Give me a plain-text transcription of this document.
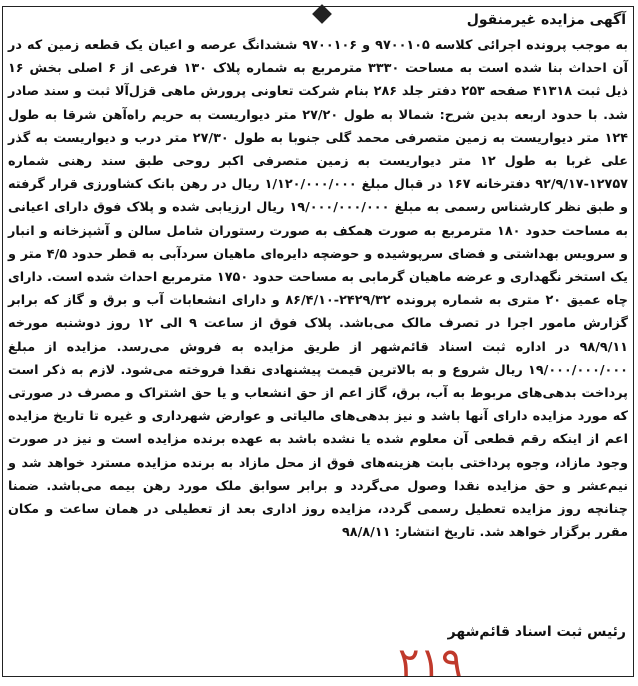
آگهی مزایده غیرمنقول
به موجب پرونده اجرائی کلاسه ۹۷۰۰۱۰۵ و ۹۷۰۰۱۰۶ ششدانگ عرصه و اعیان یک قطعه زمین که در آن احداث بنا شده است به مساحت ۳۳۳۰ مترمربع به شماره پلاک ۱۳۰ فرعی از ۶ اصلی بخش ۱۶ ذیل ثبت ۴۱۳۱۸ صفحه ۲۵۳ دفتر جلد ۲۸۶ بنام شرکت تعاونی پرورش ماهی قزل‌آلا ثبت و سند صادر شد. با حدود اربعه بدین شرح: شمالا به طول ۲۷/۲۰ متر دیواریست به حریم راه‌آهن شرقا به طول ۱۲۴ متر دیواریست به زمین متصرفی محمد گلی جنوبا به طول ۲۷/۳۰ متر درب و دیواریست به گذر علی غربا به طول ۱۲ متر دیواریست به زمین متصرفی اکبر روحی طبق سند رهنی شماره ۱۲۷۵۷-۹۲/۹/۱۷ دفترخانه ۱۶۷ در قبال مبلغ ۱/۱۲۰/۰۰۰/۰۰۰ ریال در رهن بانک کشاورزی قرار گرفته و طبق نظر کارشناس رسمی به مبلغ ۱۹/۰۰۰/۰۰۰/۰۰۰ ریال ارزیابی شده و پلاک فوق دارای اعیانی به مساحت حدود ۱۸۰ مترمربع به صورت همکف به صورت رستوران شامل سالن و آشپزخانه و انبار و سرویس بهداشتی و فضای سرپوشیده و حوضچه دایره‌ای ماهیان سردآبی به قطر حدود ۴/۵ متر و یک استخر نگهداری و عرضه ماهیان گرمابی به مساحت حدود ۱۷۵۰ مترمربع احداث شده است. دارای چاه عمیق ۲۰ متری به شماره پرونده ۲۴۲۹/۳۲-۸۶/۴/۱۰ و دارای انشعابات آب و برق و گاز که برابر گزارش مامور اجرا در تصرف مالک می‌باشد. پلاک فوق از ساعت ۹ الی ۱۲ روز دوشنبه مورخه ۹۸/۹/۱۱ در اداره ثبت اسناد قائم‌شهر از طریق مزایده به فروش می‌رسد. مزایده از مبلغ ۱۹/۰۰۰/۰۰۰/۰۰۰ ریال شروع و به بالاترین قیمت پیشنهادی نقدا فروخته می‌شود. لازم به ذکر است پرداخت بدهی‌های مربوط به آب، برق، گاز اعم از حق انشعاب و یا حق اشتراک و مصرف در صورتی که مورد مزایده دارای آنها باشد و نیز بدهی‌های مالیاتی و عوارض شهرداری و غیره تا تاریخ مزایده اعم از اینکه رقم قطعی آن معلوم شده یا نشده باشد به عهده برنده مزایده است و نیز در صورت وجود مازاد، وجوه پرداختی بابت هزینه‌های فوق از محل مازاد به برنده مزایده مسترد خواهد شد و نیم‌عشر و حق مزایده نقدا وصول می‌گردد و برابر سوابق ملک مورد رهن بیمه می‌باشد. ضمنا چنانچه روز مزایده تعطیل رسمی گردد، مزایده روز اداری بعد از تعطیلی در همان ساعت و مکان مقرر برگزار خواهد شد. تاریخ انتشار: ۹۸/۸/۱۱
رئیس ثبت اسناد قائم‌شهر
۲۱۹
